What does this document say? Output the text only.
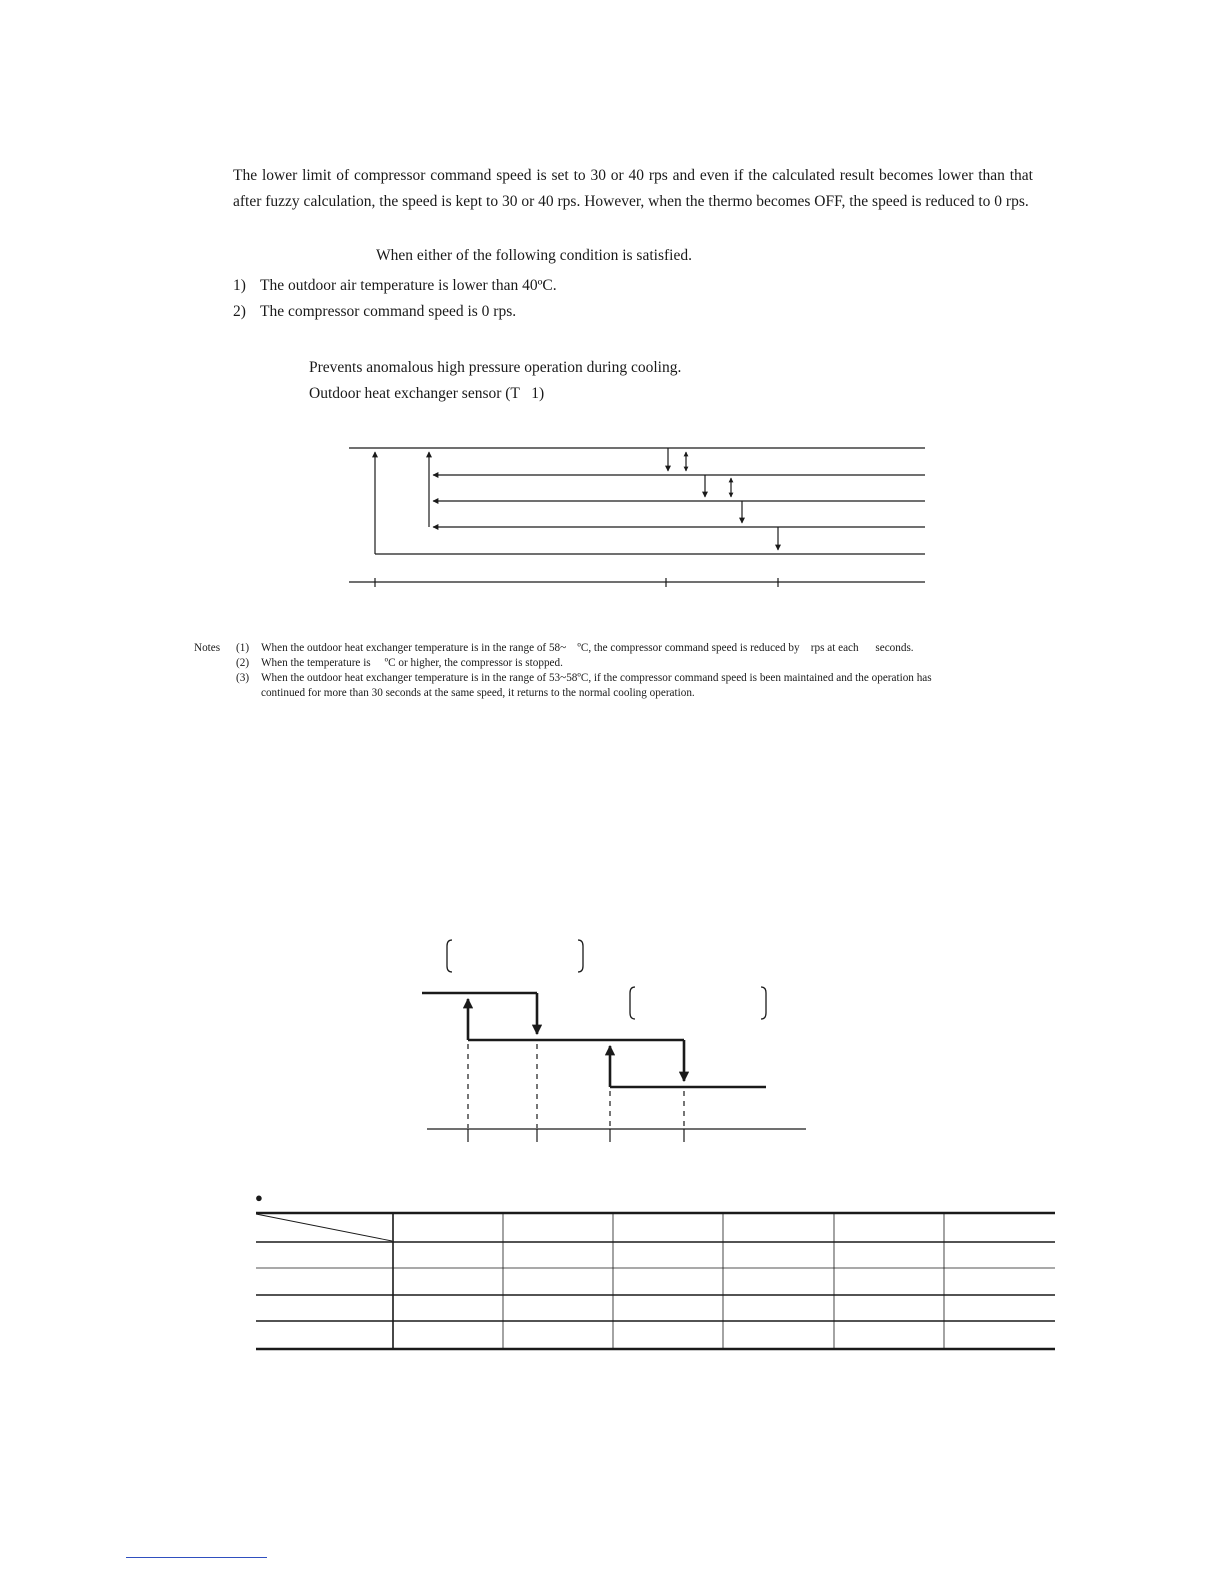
The lower limit of compressor command speed is set to 30 or 40 rps and even if the calculated result becomes lower than that after fuzzy calculation, the speed is kept to 30 or 40 rps. However, when the thermo becomes OFF, the speed is reduced to 0 rps.
When either of the following condition is satisfied.
1) The outdoor air temperature is lower than 40ºC.
2) The compressor command speed is 0 rps.
Prevents anomalous high pressure operation during cooling.
Outdoor heat exchanger sensor (T   1)
Notes (1) When the outdoor heat exchanger temperature is in the range of 58~    ºC, the compressor command speed is reduced by    rps at each      seconds.
(2) When the temperature is     ºC or higher, the compressor is stopped.
(3) When the outdoor heat exchanger temperature is in the range of 53~58ºC, if the compressor command speed is been maintained and the operation has
continued for more than 30 seconds at the same speed, it returns to the normal cooling operation.
●
